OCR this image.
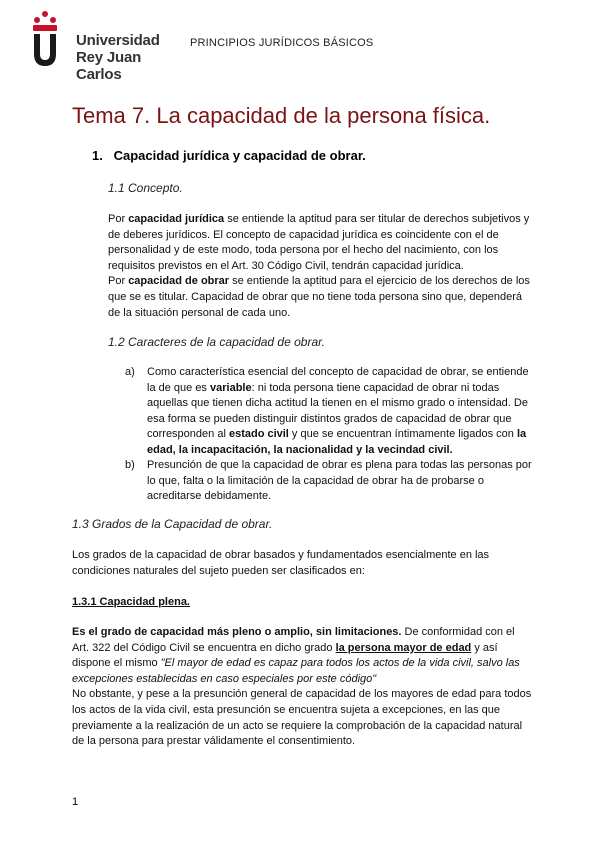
Universidad
Rey Juan Carlos
PRINCIPIOS JURÍDICOS BÁSICOS
Tema 7. La capacidad de la persona física.
1. Capacidad jurídica y capacidad de obrar.
1.1 Concepto.
Por capacidad jurídica se entiende la aptitud para ser titular de derechos subjetivos y de deberes jurídicos. El concepto de capacidad jurídica es coincidente con el de personalidad y de este modo, toda persona por el hecho del nacimiento, con los requisitos previstos en el Art. 30 Código Civil, tendrán capacidad jurídica.
Por capacidad de obrar se entiende la aptitud para el ejercicio de los derechos de los que se es titular. Capacidad de obrar que no tiene toda persona sino que, dependerá de la situación personal de cada uno.
1.2 Caracteres de la capacidad de obrar.
a) Como característica esencial del concepto de capacidad de obrar, se entiende la de que es variable: ni toda persona tiene capacidad de obrar ni todas aquellas que tienen dicha actitud la tienen en el mismo grado o intensidad. De esa forma se pueden distinguir distintos grados de capacidad de obrar que corresponden al estado civil y que se encuentran íntimamente ligados con la edad, la incapacitación, la nacionalidad y la vecindad civil.
b) Presunción de que la capacidad de obrar es plena para todas las personas por lo que, falta o la limitación de la capacidad de obrar ha de probarse o acreditarse debidamente.
1.3 Grados de la Capacidad de obrar.
Los grados de la capacidad de obrar basados y fundamentados esencialmente en las condiciones naturales del sujeto pueden ser clasificados en:
1.3.1 Capacidad plena.
Es el grado de capacidad más pleno o amplio, sin limitaciones. De conformidad con el Art. 322 del Código Civil se encuentra en dicho grado la persona mayor de edad y así dispone el mismo "El mayor de edad es capaz para todos los actos de la vida civil, salvo las excepciones establecidas en caso especiales por este código"
No obstante, y pese a la presunción general de capacidad de los mayores de edad para todos los actos de la vida civil, esta presunción se encuentra sujeta a excepciones, en las que previamente a la realización de un acto se requiere la comprobación de la capacidad natural de la persona para prestar válidamente el consentimiento.
1
